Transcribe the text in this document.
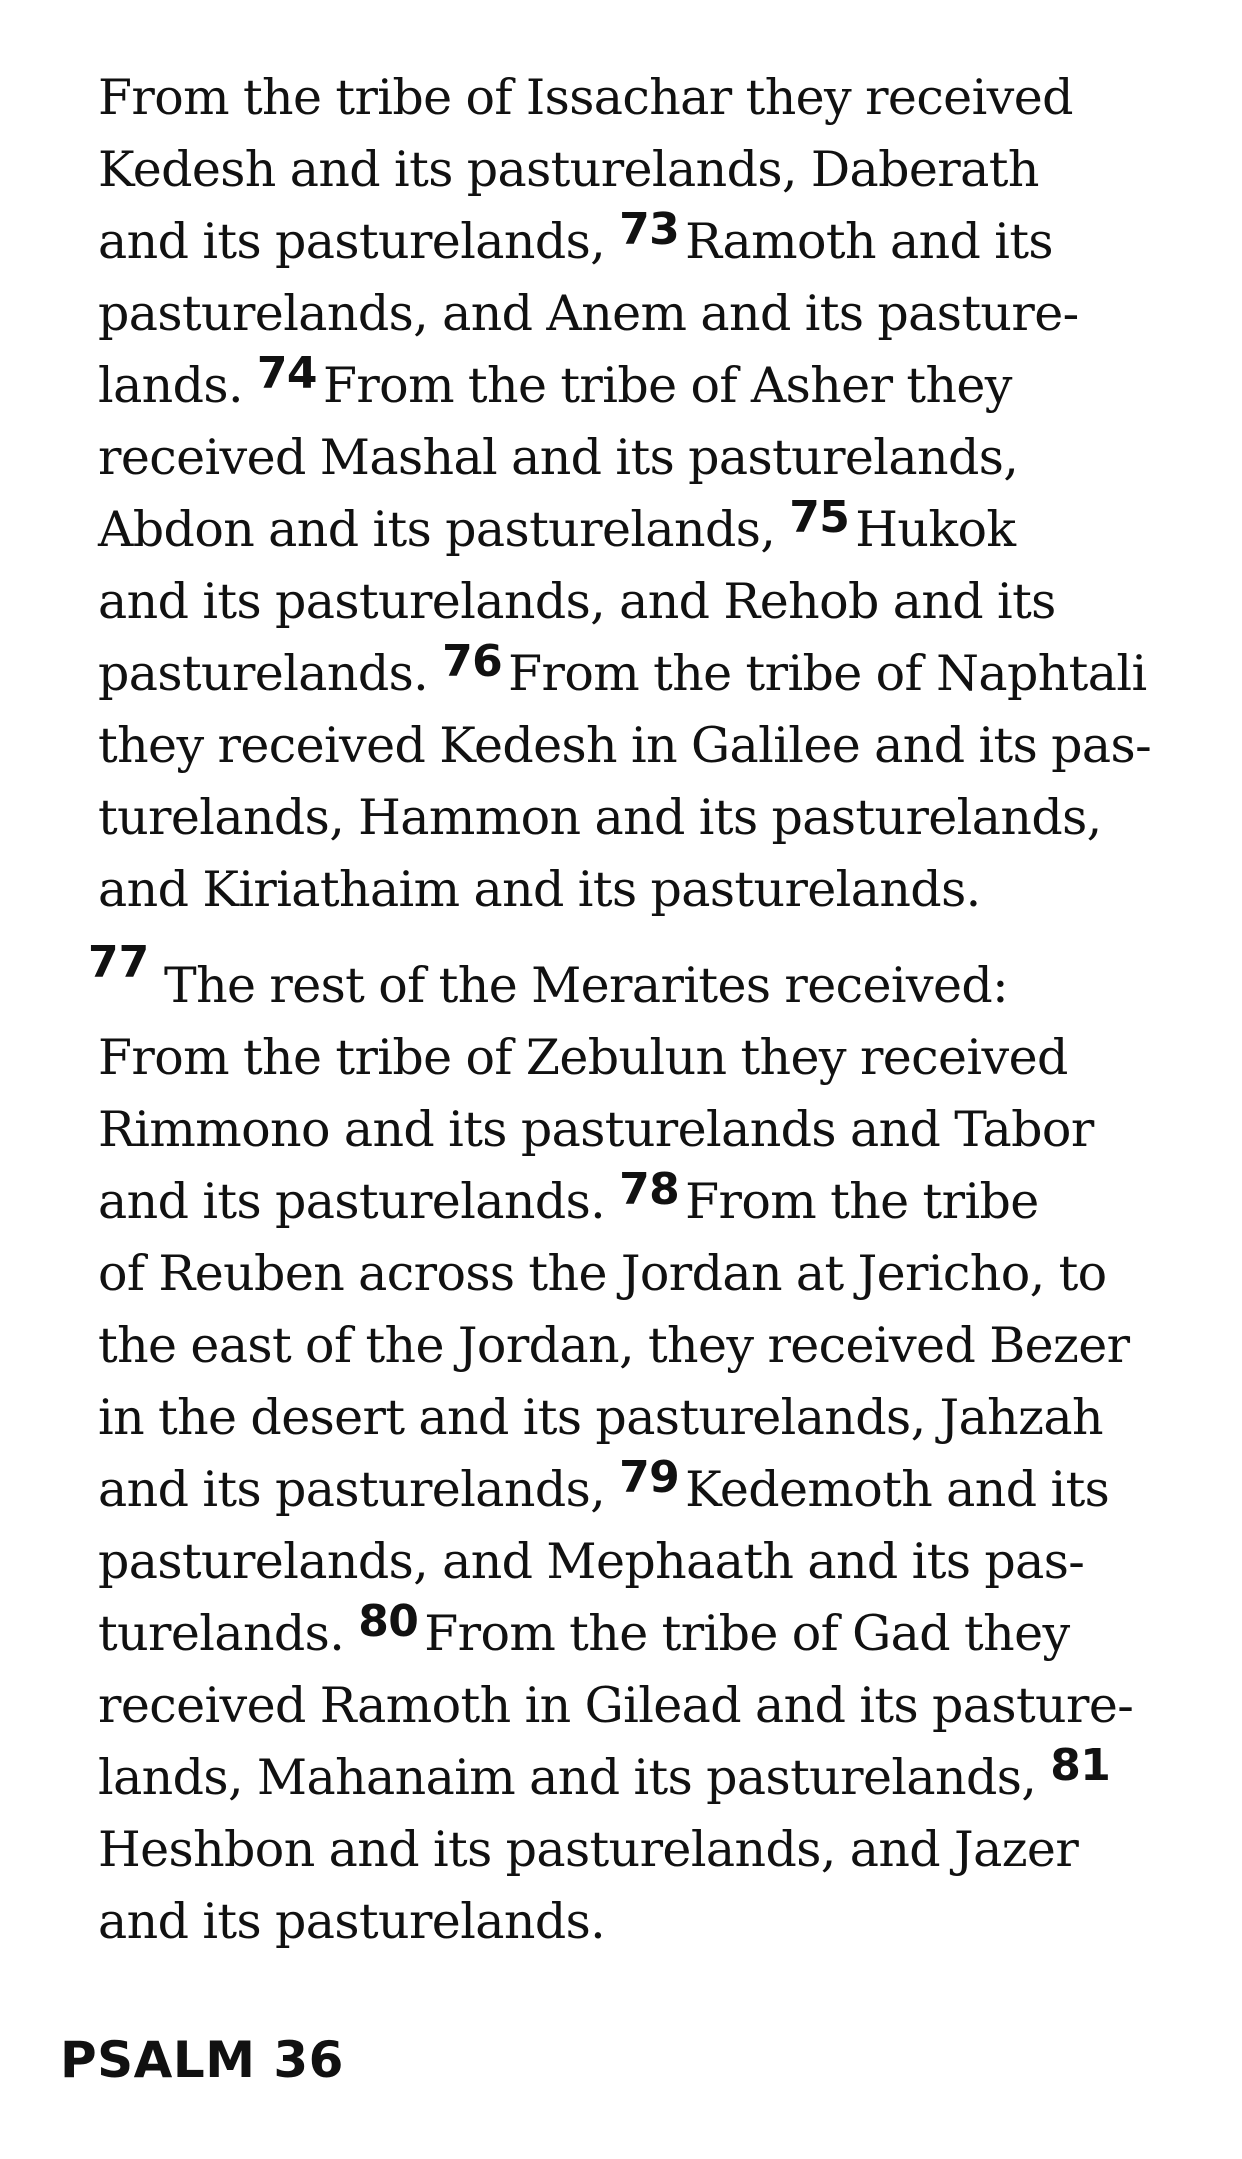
From the tribe of Issachar they received
Kedesh and its pasturelands, Daberath
and its pasturelands, 73 Ramoth and its
pasturelands, and Anem and its pasture-
lands. 74 From the tribe of Asher they
received Mashal and its pasturelands,
Abdon and its pasturelands, 75 Hukok
and its pasturelands, and Rehob and its
pasturelands. 76 From the tribe of Naphtali
they received Kedesh in Galilee and its pas-
turelands, Hammon and its pasturelands,
and Kiriathaim and its pasturelands.
77 The rest of the Merarites received:
From the tribe of Zebulun they received
Rimmono and its pasturelands and Tabor
and its pasturelands. 78 From the tribe
of Reuben across the Jordan at Jericho, to
the east of the Jordan, they received Bezer
in the desert and its pasturelands, Jahzah
and its pasturelands, 79 Kedemoth and its
pasturelands, and Mephaath and its pas-
turelands. 80 From the tribe of Gad they
received Ramoth in Gilead and its pasture-
lands, Mahanaim and its pasturelands, 81
Heshbon and its pasturelands, and Jazer
and its pasturelands.
PSALM 36
